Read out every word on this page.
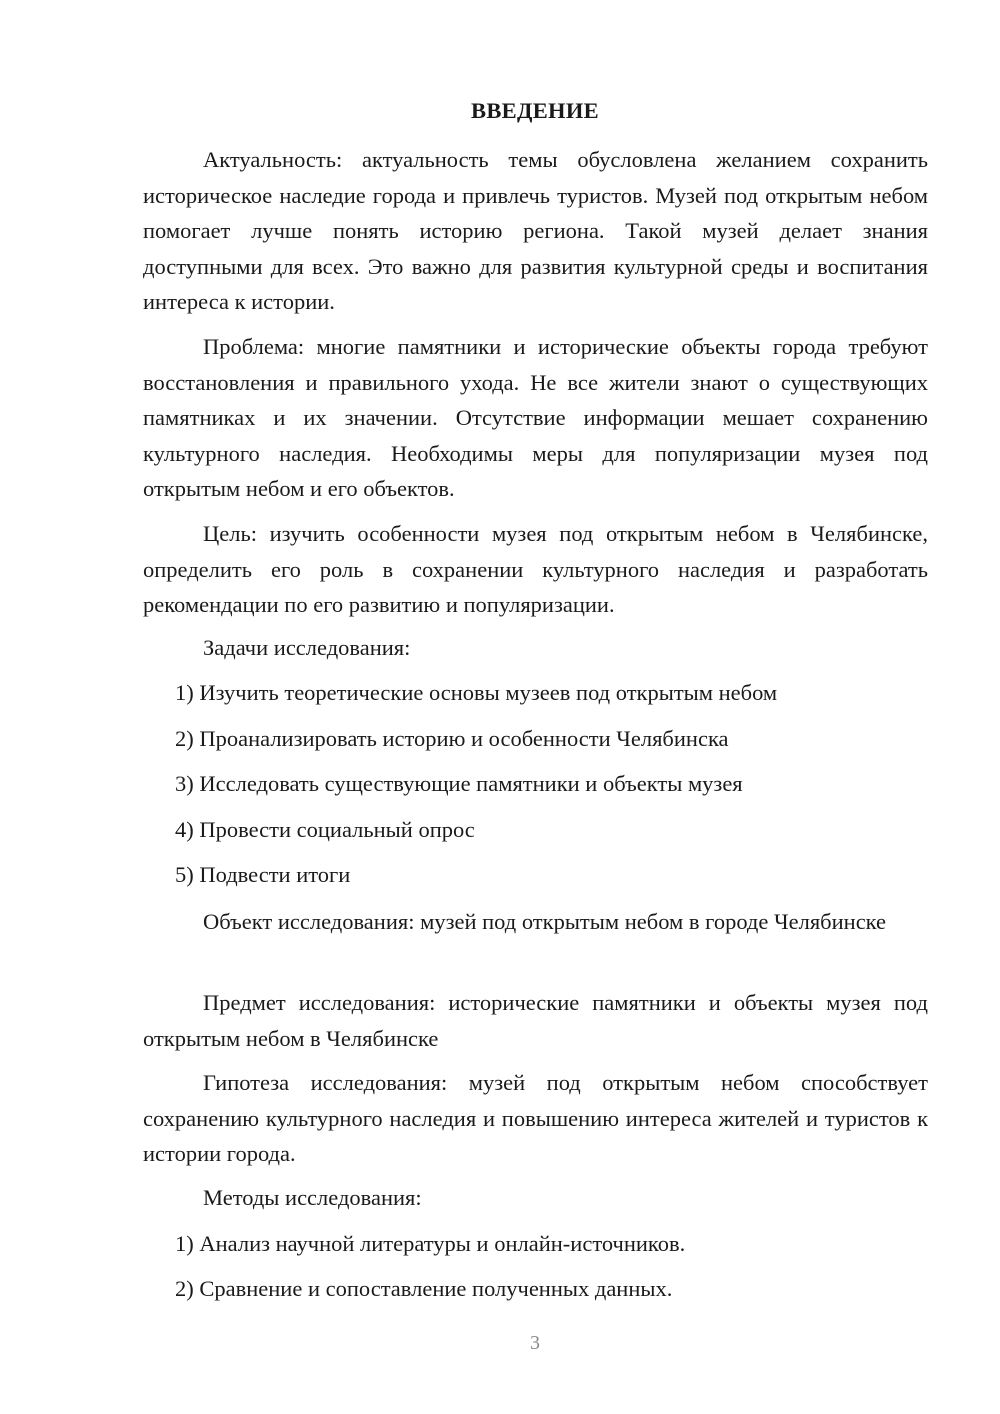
ВВЕДЕНИЕ

Актуальность: актуальность темы обусловлена желанием сохранить историческое наследие города и привлечь туристов. Музей под открытым небом помогает лучше понять историю региона. Такой музей делает знания доступными для всех. Это важно для развития культурной среды и воспитания интереса к истории.

Проблема: многие памятники и исторические объекты города требуют восстановления и правильного ухода. Не все жители знают о существующих памятниках и их значении. Отсутствие информации мешает сохранению культурного наследия. Необходимы меры для популяризации музея под открытым небом и его объектов.

Цель: изучить особенности музея под открытым небом в Челябинске, определить его роль в сохранении культурного наследия и разработать рекомендации по его развитию и популяризации.

Задачи исследования:

1) Изучить теоретические основы музеев под открытым небом
2) Проанализировать историю и особенности Челябинска
3) Исследовать существующие памятники и объекты музея
4) Провести социальный опрос
5) Подвести итоги

Объект исследования: музей под открытым небом в городе Челябинске

Предмет исследования: исторические памятники и объекты музея под открытым небом в Челябинске

Гипотеза исследования: музей под открытым небом способствует сохранению культурного наследия и повышению интереса жителей и туристов к истории города.

Методы исследования:

1) Анализ научной литературы и онлайн-источников.
2) Сравнение и сопоставление полученных данных.
3
